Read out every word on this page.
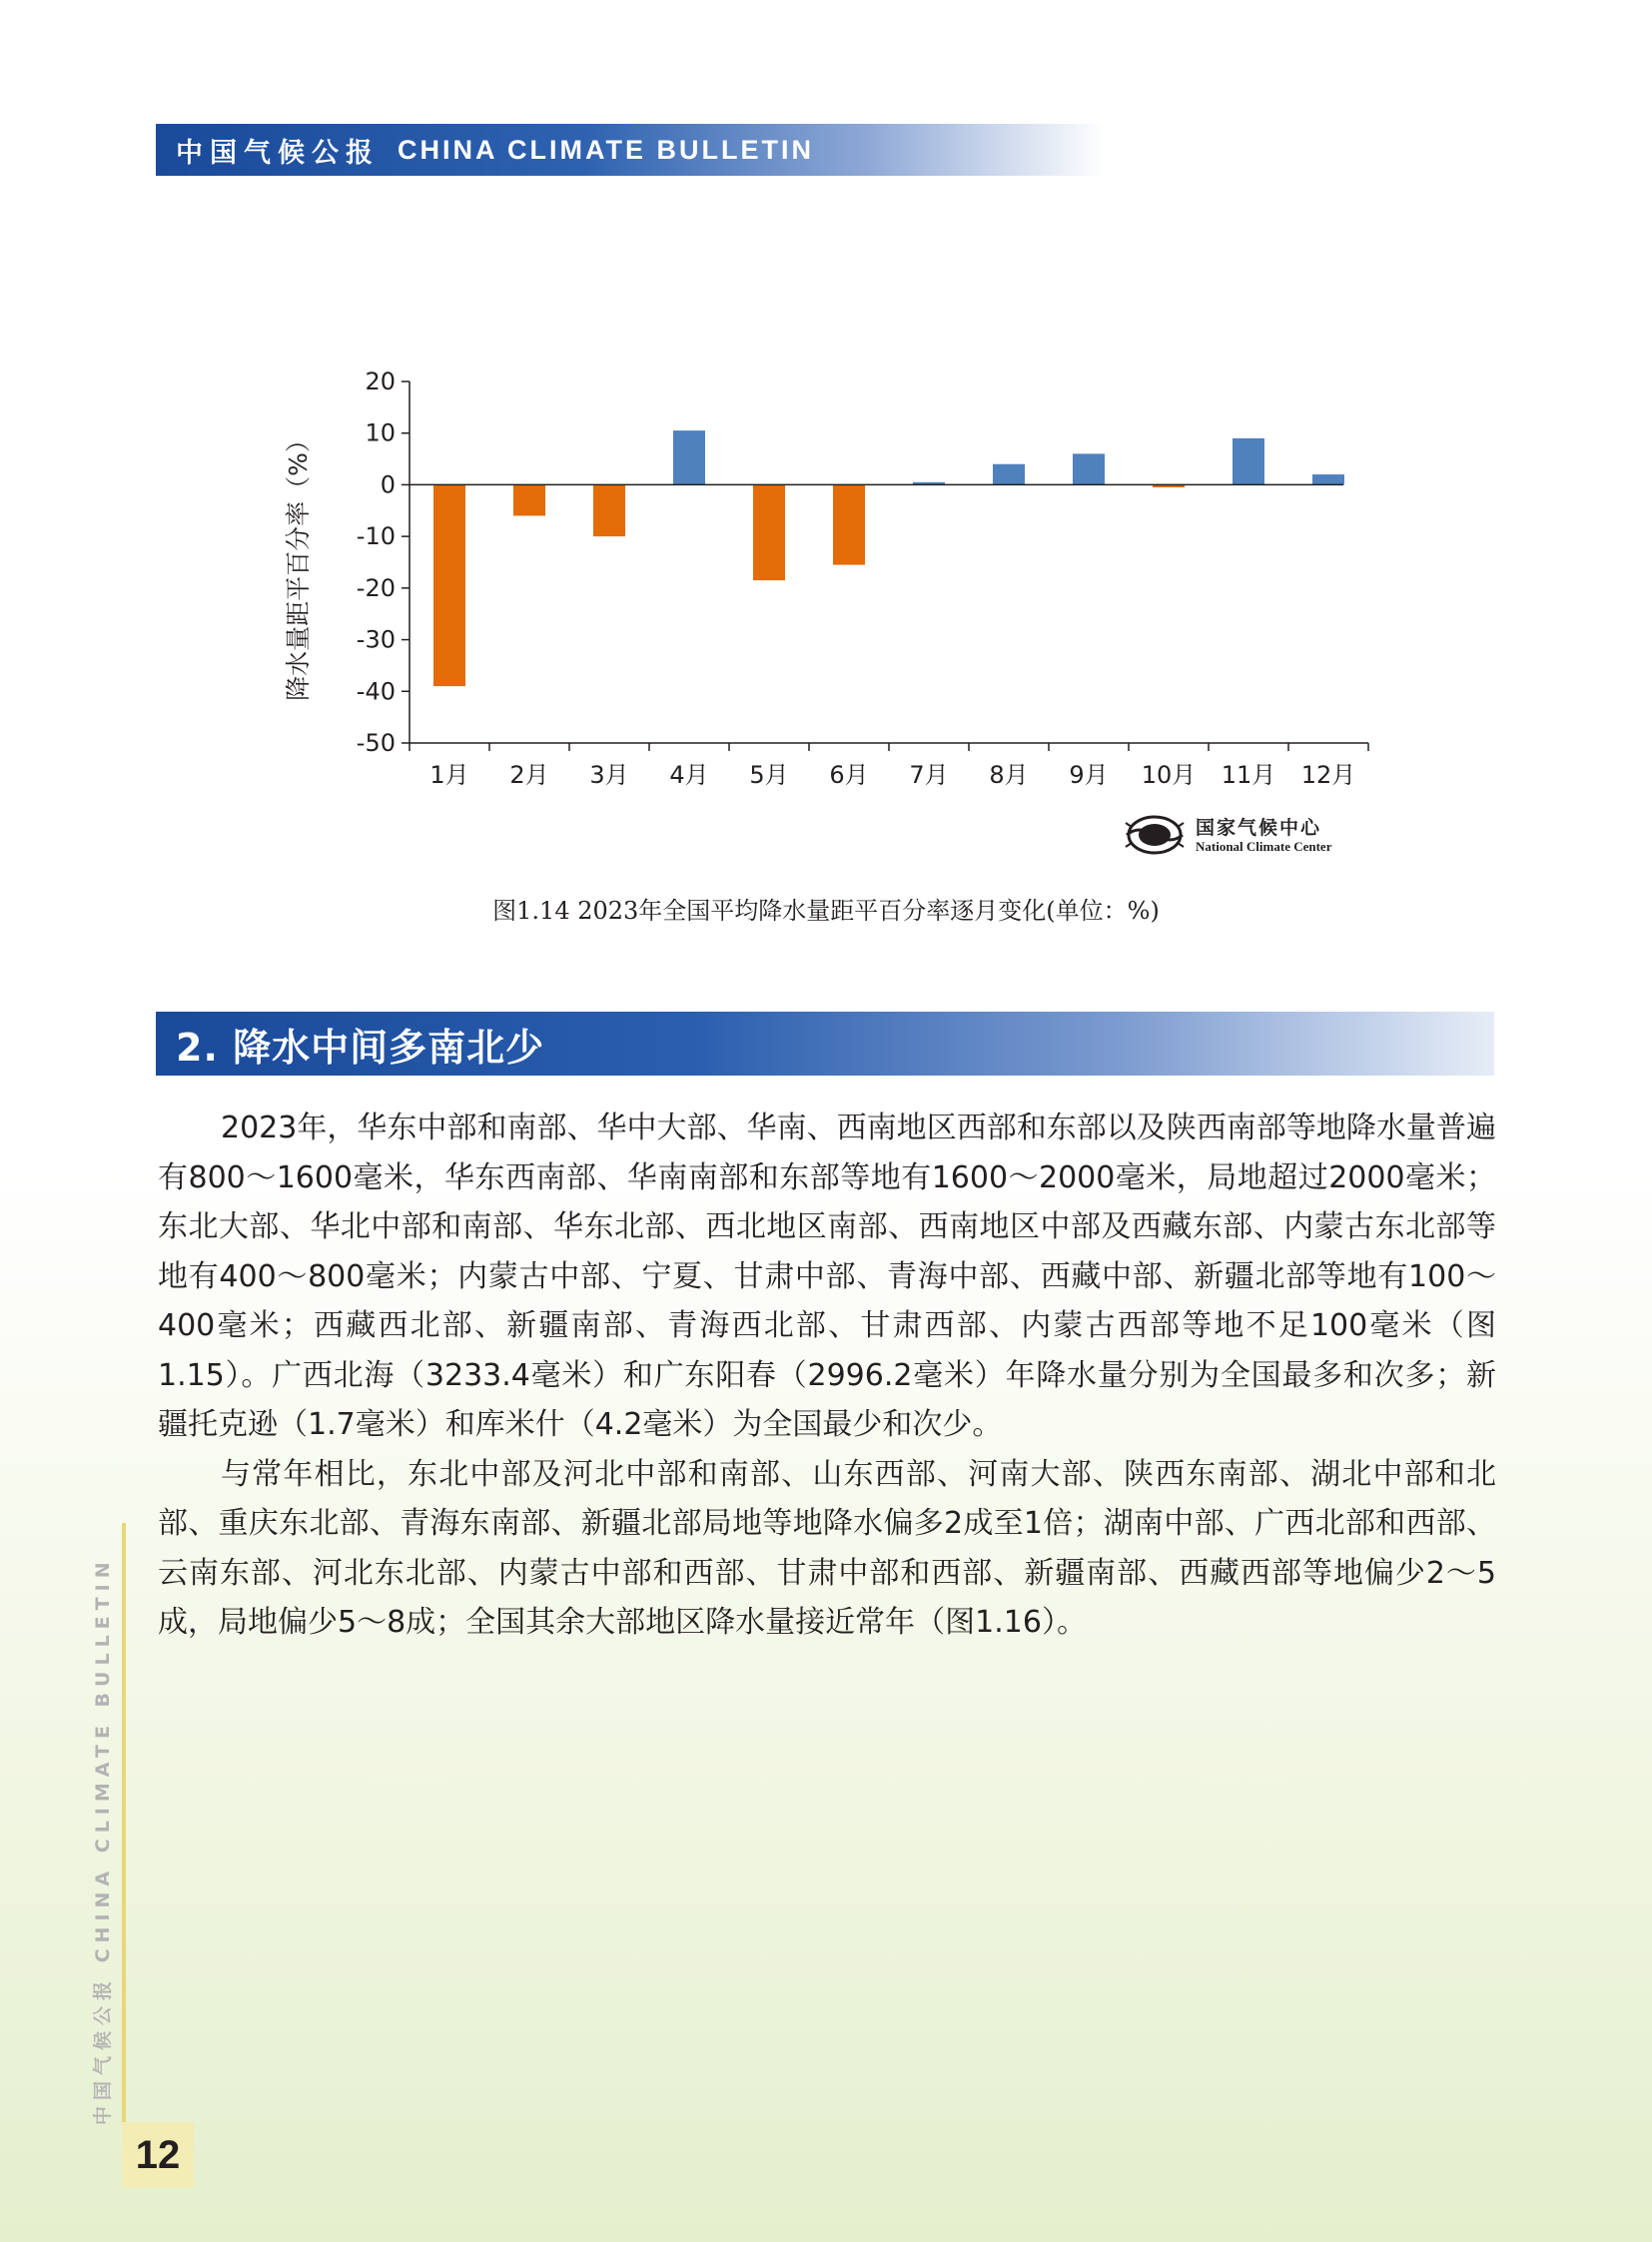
中国气候公报 CHINA CLIMATE BULLETIN
降水量距平百分率（%）
20
10
0
-10
-20
-30
-40
-50
1月 2月 3月 4月 5月 6月 7月 8月 9月 10月 11月 12月
国家气候中心
National Climate Center
图1.14 2023年全国平均降水量距平百分率逐月变化(单位：%)
2. 降水中间多南北少

2023年，华东中部和南部、华中大部、华南、西南地区西部和东部以及陕西南部等地降水量普遍有800～1600毫米，华东西南部、华南南部和东部等地有1600～2000毫米，局地超过2000毫米；东北大部、华北中部和南部、华东北部、西北地区南部、西南地区中部及西藏东部、内蒙古东北部等地有400～800毫米；内蒙古中部、宁夏、甘肃中部、青海中部、西藏中部、新疆北部等地有100～400毫米；西藏西北部、新疆南部、青海西北部、甘肃西部、内蒙古西部等地不足100毫米（图1.15）。广西北海（3233.4毫米）和广东阳春（2996.2毫米）年降水量分别为全国最多和次多；新疆托克逊（1.7毫米）和库米什（4.2毫米）为全国最少和次少。

与常年相比，东北中部及河北中部和南部、山东西部、河南大部、陕西东南部、湖北中部和北部、重庆东北部、青海东南部、新疆北部局地等地降水偏多2成至1倍；湖南中部、广西北部和西部、云南东部、河北东北部、内蒙古中部和西部、甘肃中部和西部、新疆南部、西藏西部等地偏少2～5成，局地偏少5～8成；全国其余大部地区降水量接近常年（图1.16）。

中国气候公报 CHINA CLIMATE BULLETIN
12
